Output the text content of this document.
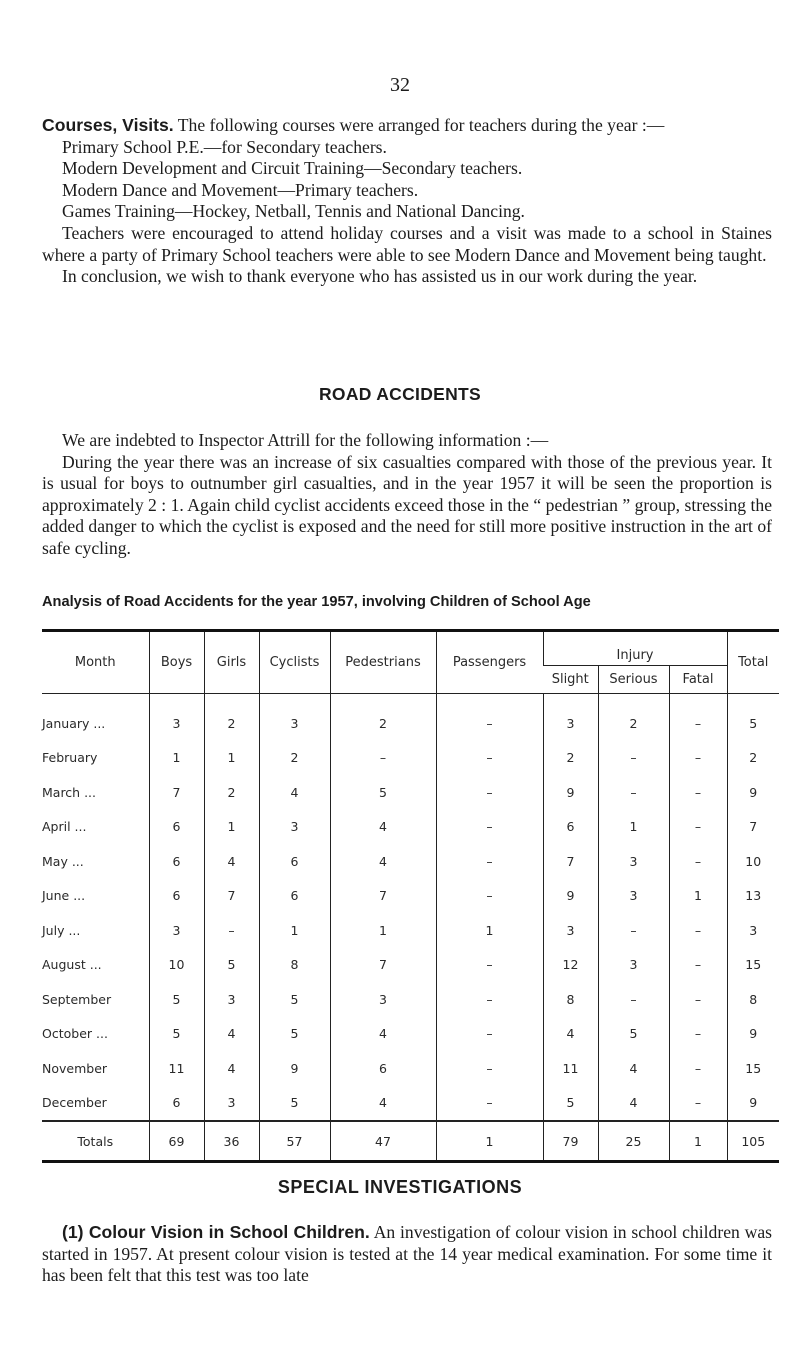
32

Courses, Visits. The following courses were arranged for teachers during the year :—

Primary School P.E.—for Secondary teachers.

Modern Development and Circuit Training—Secondary teachers.

Modern Dance and Movement—Primary teachers.

Games Training—Hockey, Netball, Tennis and National Dancing.

Teachers were encouraged to attend holiday courses and a visit was made to a school in Staines where a party of Primary School teachers were able to see Modern Dance and Movement being taught.

In conclusion, we wish to thank everyone who has assisted us in our work during the year.

ROAD ACCIDENTS

We are indebted to Inspector Attrill for the following information :—

During the year there was an increase of six casualties compared with those of the previous year. It is usual for boys to outnumber girl casualties, and in the year 1957 it will be seen the proportion is approximately 2 : 1. Again child cyclist accidents exceed those in the “ pedestrian ” group, stressing the added danger to which the cyclist is exposed and the need for still more positive instruction in the art of safe cycling.

Analysis of Road Accidents for the year 1957, involving Children of School Age
Month	Boys	Girls	Cyclists	Pedestrians	Passengers	Injury			Total
						Slight	Serious	Fatal	
January ...	3	2	3	2	–	3	2	–	5
February	1	1	2	–	–	2	–	–	2
March ...	7	2	4	5	–	9	–	–	9
April ...	6	1	3	4	–	6	1	–	7
May ...	6	4	6	4	–	7	3	–	10
June ...	6	7	6	7	–	9	3	1	13
July ...	3	–	1	1	1	3	–	–	3
August ...	10	5	8	7	–	12	3	–	15
September	5	3	5	3	–	8	–	–	8
October ...	5	4	5	4	–	4	5	–	9
November	11	4	9	6	–	11	4	–	15
December	6	3	5	4	–	5	4	–	9
Totals	69	36	57	47	1	79	25	1	105
SPECIAL INVESTIGATIONS

(1) Colour Vision in School Children. An investigation of colour vision in school children was started in 1957. At present colour vision is tested at the 14 year medical examination. For some time it has been felt that this test was too late
